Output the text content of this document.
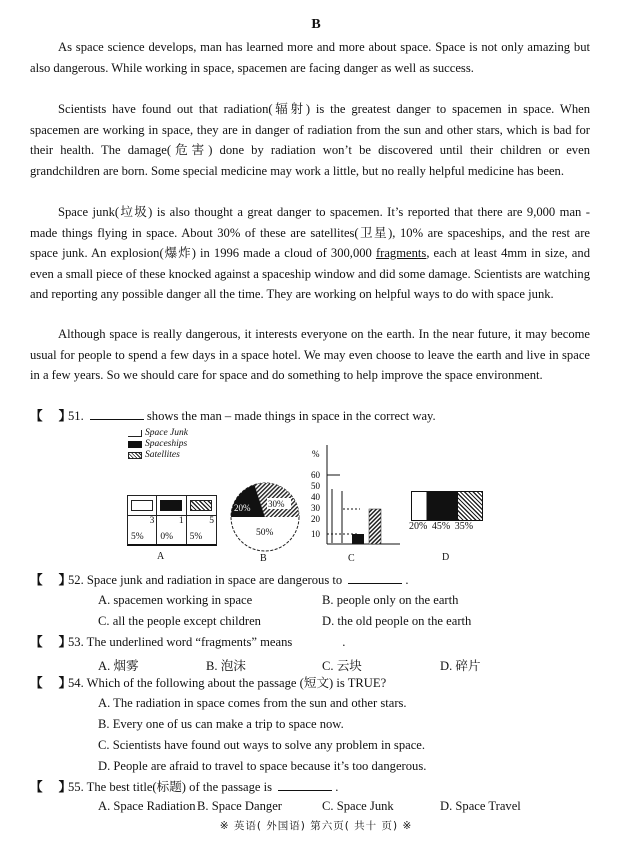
B

As space science develops, man has learned more and more about space. Space is not only amazing but also dangerous. While working in space, spacemen are facing danger as well as success.

Scientists have found out that radiation(辐射) is the greatest danger to spacemen in space. When spacemen are working in space, they are in danger of radiation from the sun and other stars, which is bad for their health. The damage(危害) done by radiation won’t be discovered until their children or even grandchildren are born. Some special medicine may work a little, but no really helpful medicine has been.

Space junk(垃圾) is also thought a great danger to spacemen. It’s reported that there are 9,000 man - made things flying in space. About 30% of these are satellites(卫星), 10% are spaceships, and the rest are space junk. An explosion(爆炸) in 1996 made a cloud of 300,000 fragments, each at least 4mm in size, and even a small piece of these knocked against a spaceship window and did some damage. Scientists are watching and reporting any possible danger all the time. They are working on helpful ways to do with space junk.

Although space is really dangerous, it interests everyone on the earth. In the near future, it may become usual for people to spend a few days in a space hotel. We may even choose to leave the earth and live in space in a few years. So we should care for space and do something to help improve the space environment.

【 】51.	shows the man – made things in space in the correct way.
Space Junk
Spaceships
Satellites
3
5%
1
0%
5
5%
A
20% 30%
50%
B
%
60
50
40
30
20
10
C
20% 45% 35%
D
【 】52. Space junk and radiation in space are dangerous to	.
A. spacemen working in space	B. people only on the earth
C. all the people except children	D. the old people on the earth
【 】53. The underlined word “fragments” means	.
A. 烟雾	B. 泡沫	C. 云块	D. 碎片
【 】54. Which of the following about the passage (短文) is TRUE?
A. The radiation in space comes from the sun and other stars.
B. Every one of us can make a trip to space now.
C. Scientists have found out ways to solve any problem in space.
D. People are afraid to travel to space because it’s too dangerous.
【 】55. The best title(标题) of the passage is	.
A. Space Radiation B. Space Danger	C. Space Junk	D. Space Travel
※ 英语( 外国语) 第六页( 共十 页) ※
